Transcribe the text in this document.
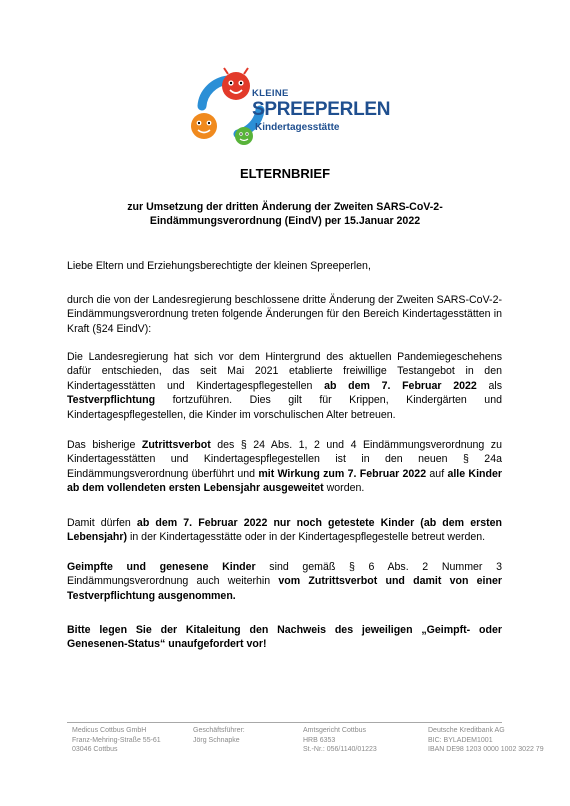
KLEINE
SPREEPERLEN
Kindertagesstätte
ELTERNBRIEF
zur Umsetzung der dritten Änderung der Zweiten SARS-CoV-2-
Eindämmungsverordnung (EindV) per 15.Januar 2022
Liebe Eltern und Erziehungsberechtigte der kleinen Spreeperlen,
durch die von der Landesregierung beschlossene dritte Änderung der Zweiten SARS-CoV-2-Eindämmungsverordnung treten folgende Änderungen für den Bereich Kindertagesstätten in Kraft (§24 EindV):
Die Landesregierung hat sich vor dem Hintergrund des aktuellen Pandemiegeschehens dafür entschieden, das seit Mai 2021 etablierte freiwillige Testangebot in den Kindertagesstätten und Kindertagespflegestellen ab dem 7. Februar 2022 als Testverpflichtung fortzuführen. Dies gilt für Krippen, Kindergärten und Kindertagespflegestellen, die Kinder im vorschulischen Alter betreuen.
Das bisherige Zutrittsverbot des § 24 Abs. 1, 2 und 4 Eindämmungsverordnung zu Kindertagesstätten und Kindertagespflegestellen ist in den neuen § 24a Eindämmungsverordnung überführt und mit Wirkung zum 7. Februar 2022 auf alle Kinder ab dem vollendeten ersten Lebensjahr ausgeweitet worden.
Damit dürfen ab dem 7. Februar 2022 nur noch getestete Kinder (ab dem ersten Lebensjahr) in der Kindertagesstätte oder in der Kindertagespflegestelle betreut werden.
Geimpfte und genesene Kinder sind gemäß § 6 Abs. 2 Nummer 3 Eindämmungsverordnung auch weiterhin vom Zutrittsverbot und damit von einer Testverpflichtung ausgenommen.
Bitte legen Sie der Kitaleitung den Nachweis des jeweiligen „Geimpft- oder Genesenen-Status“ unaufgefordert vor!
Medicus Cottbus GmbH
Franz-Mehring-Straße 55-61
03046 Cottbus
Geschäftsführer:
Jörg Schnapke
Amtsgericht Cottbus
HRB 6353
St.-Nr.: 056/1140/01223
Deutsche Kreditbank AG
BIC: BYLADEM1001
IBAN DE98 1203 0000 1002 3022 79
